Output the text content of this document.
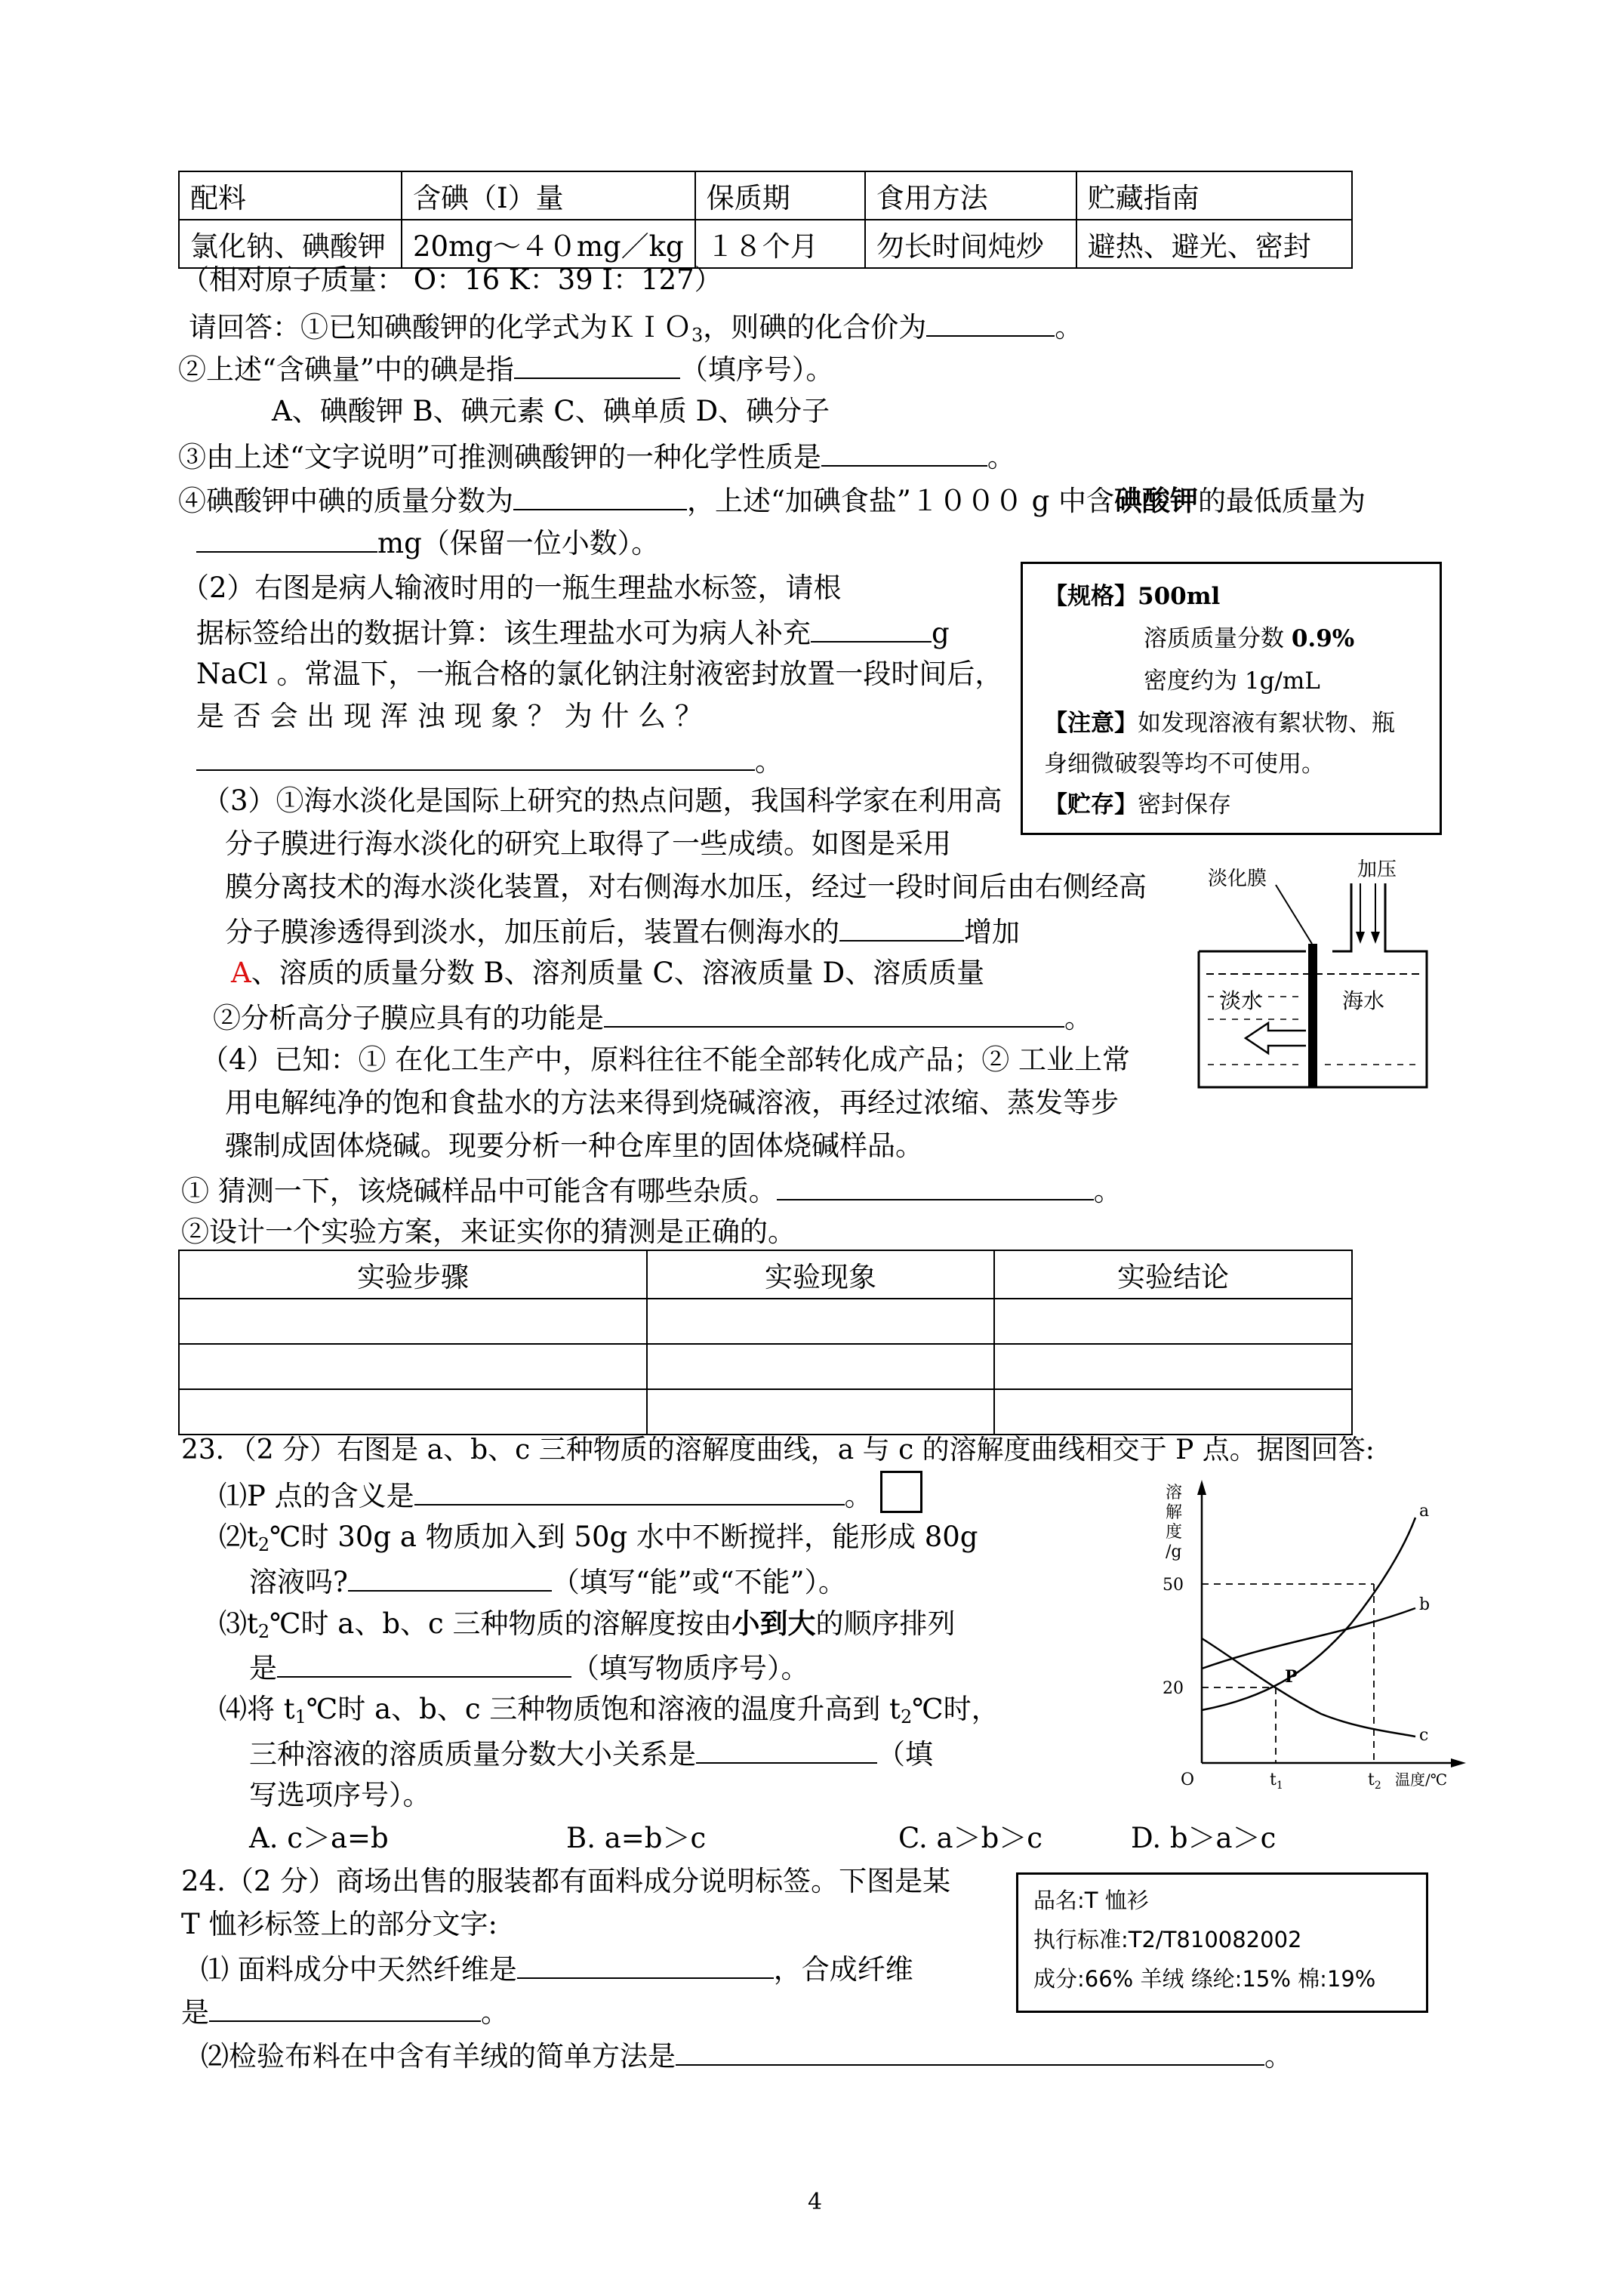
配料	含碘（I）量	保质期	食用方法	贮藏指南
氯化钠、碘酸钾	20mg～４０mg／kg	１８个月	勿长时间炖炒	避热、避光、密封
（相对原子质量： O：16 K：39 I：127）
请回答：①已知碘酸钾的化学式为ＫＩＯ$_3$，则碘的化合价为	。
②上述“含碘量”中的碘是指	（填序号）。
A、碘酸钾 B、碘元素 C、碘单质 D、碘分子
③由上述“文字说明”可推测碘酸钾的一种化学性质是	。
④碘酸钾中碘的质量分数为	，上述“加碘食盐”１０００ g 中含碘酸钾的最低质量为
mg（保留一位小数）。
（2）右图是病人输液时用的一瓶生理盐水标签，请根
据标签给出的数据计算：该生理盐水可为病人补充	g
NaCl 。常温下，一瓶合格的氯化钠注射液密封放置一段时间后，
是 否 会 出 现 浑 浊 现 象 ？ 为 什 么 ？
。
【规格】500ml
溶质质量分数 0.9%
密度约为 1g/mL
【注意】如发现溶液有絮状物、瓶
身细微破裂等均不可使用。
【贮存】密封保存
（3）①海水淡化是国际上研究的热点问题，我国科学家在利用高
分子膜进行海水淡化的研究上取得了一些成绩。如图是采用
膜分离技术的海水淡化装置，对右侧海水加压，经过一段时间后由右侧经高
分子膜渗透得到淡水，加压前后，装置右侧海水的	增加
A、溶质的质量分数 B、溶剂质量 C、溶液质量 D、溶质质量
②分析高分子膜应具有的功能是	。
加压
淡化膜
淡水	海水
（4）已知：① 在化工生产中，原料往往不能全部转化成产品；② 工业上常
用电解纯净的饱和食盐水的方法来得到烧碱溶液，再经过浓缩、蒸发等步
骤制成固体烧碱。现要分析一种仓库里的固体烧碱样品。
① 猜测一下，该烧碱样品中可能含有哪些杂质。	。
②设计一个实验方案，来证实你的猜测是正确的。
实验步骤	实验现象	实验结论

23．（2 分）右图是 a、b、c 三种物质的溶解度曲线，a 与 c 的溶解度曲线相交于 P 点。据图回答:
⑴P 点的含义是	。
$⑵t_2℃$时 30g a 物质加入到 50g 水中不断搅拌，能形成 80g
溶液吗?	（填写“能”或“不能”）。
$⑶t_2℃$时 a、b、c 三种物质的溶解度按由小到大的顺序排列
是	（填写物质序号）。
⑷将 $t_1℃$时 a、b、c 三种物质饱和溶液的温度升高到 $t_2℃$时，
三种溶液的溶质质量分数大小关系是	（填
写选项序号）。
A. c＞a=b	B. a=b＞c	C. a＞b＞c	D. b＞a＞c
溶
解
度
/g
50
20
O	$t_1$	$t_2$ 温度/℃
P
a
b
c
24.（2 分）商场出售的服装都有面料成分说明标签。下图是某
T 恤衫标签上的部分文字:
⑴ 面料成分中天然纤维是	，合成纤维
是	。
⑵检验布料在中含有羊绒的简单方法是	。
品名:T 恤衫
执行标准:T2/T810082002
成分:66% 羊绒 绦纶:15% 棉:19%
4
